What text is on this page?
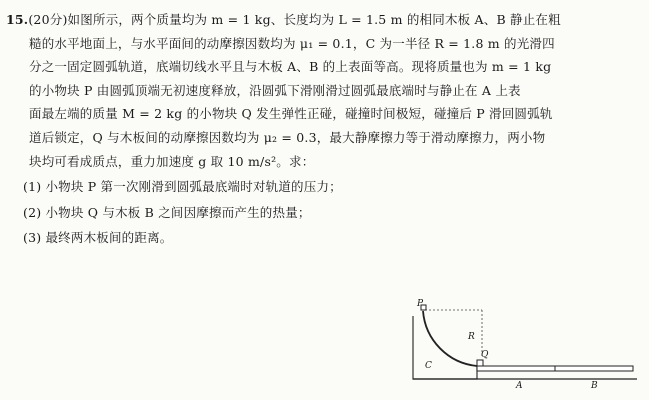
15.(20分)如图所示，两个质量均为 m = 1 kg、长度均为 L = 1.5 m 的相同木板 A、B 静止在粗
糙的水平地面上，与水平面间的动摩擦因数均为 μ₁ = 0.1，C 为一半径 R = 1.8 m 的光滑四
分之一固定圆弧轨道，底端切线水平且与木板 A、B 的上表面等高。现将质量也为 m = 1 kg
的小物块 P 由圆弧顶端无初速度释放，沿圆弧下滑刚滑过圆弧最底端时与静止在 A 上表
面最左端的质量 M = 2 kg 的小物块 Q 发生弹性正碰，碰撞时间极短，碰撞后 P 滑回圆弧轨
道后锁定，Q 与木板间的动摩擦因数均为 μ₂ = 0.3，最大静摩擦力等于滑动摩擦力，两小物
块均可看成质点，重力加速度 g 取 10 m/s²。求：
(1) 小物块 P 第一次刚滑到圆弧最底端时对轨道的压力；
(2) 小物块 Q 与木板 B 之间因摩擦而产生的热量；
(3) 最终两木板间的距离。
P
R
Q
C
A	B
